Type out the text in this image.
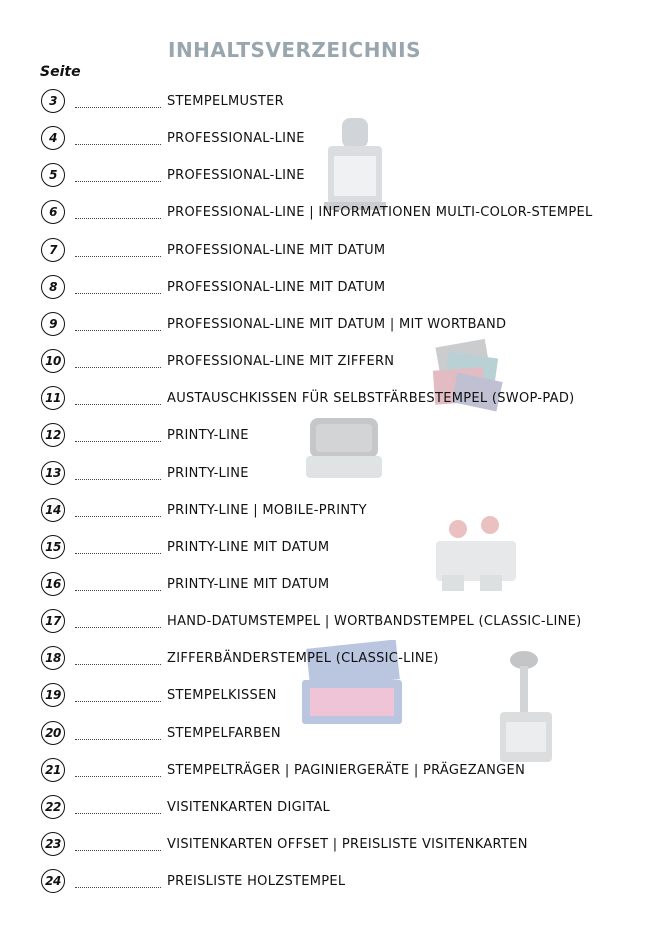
INHALTSVERZEICHNIS
Seite
3	STEMPELMUSTER
4	PROFESSIONAL-LINE
5	PROFESSIONAL-LINE
6	PROFESSIONAL-LINE | INFORMATIONEN MULTI-COLOR-STEMPEL
7	PROFESSIONAL-LINE MIT DATUM
8	PROFESSIONAL-LINE MIT DATUM
9	PROFESSIONAL-LINE MIT DATUM | MIT WORTBAND
10	PROFESSIONAL-LINE MIT ZIFFERN
11	AUSTAUSCHKISSEN FÜR SELBSTFÄRBESTEMPEL (SWOP-PAD)
12	PRINTY-LINE
13	PRINTY-LINE
14	PRINTY-LINE | MOBILE-PRINTY
15	PRINTY-LINE MIT DATUM
16	PRINTY-LINE MIT DATUM
17	HAND-DATUMSTEMPEL | WORTBANDSTEMPEL (CLASSIC-LINE)
18	ZIFFERBÄNDERSTEMPEL (CLASSIC-LINE)
19	STEMPELKISSEN
20	STEMPELFARBEN
21	STEMPELTRÄGER | PAGINIERGERÄTE | PRÄGEZANGEN
22	VISITENKARTEN DIGITAL
23	VISITENKARTEN OFFSET | PREISLISTE VISITENKARTEN
24	PREISLISTE HOLZSTEMPEL
